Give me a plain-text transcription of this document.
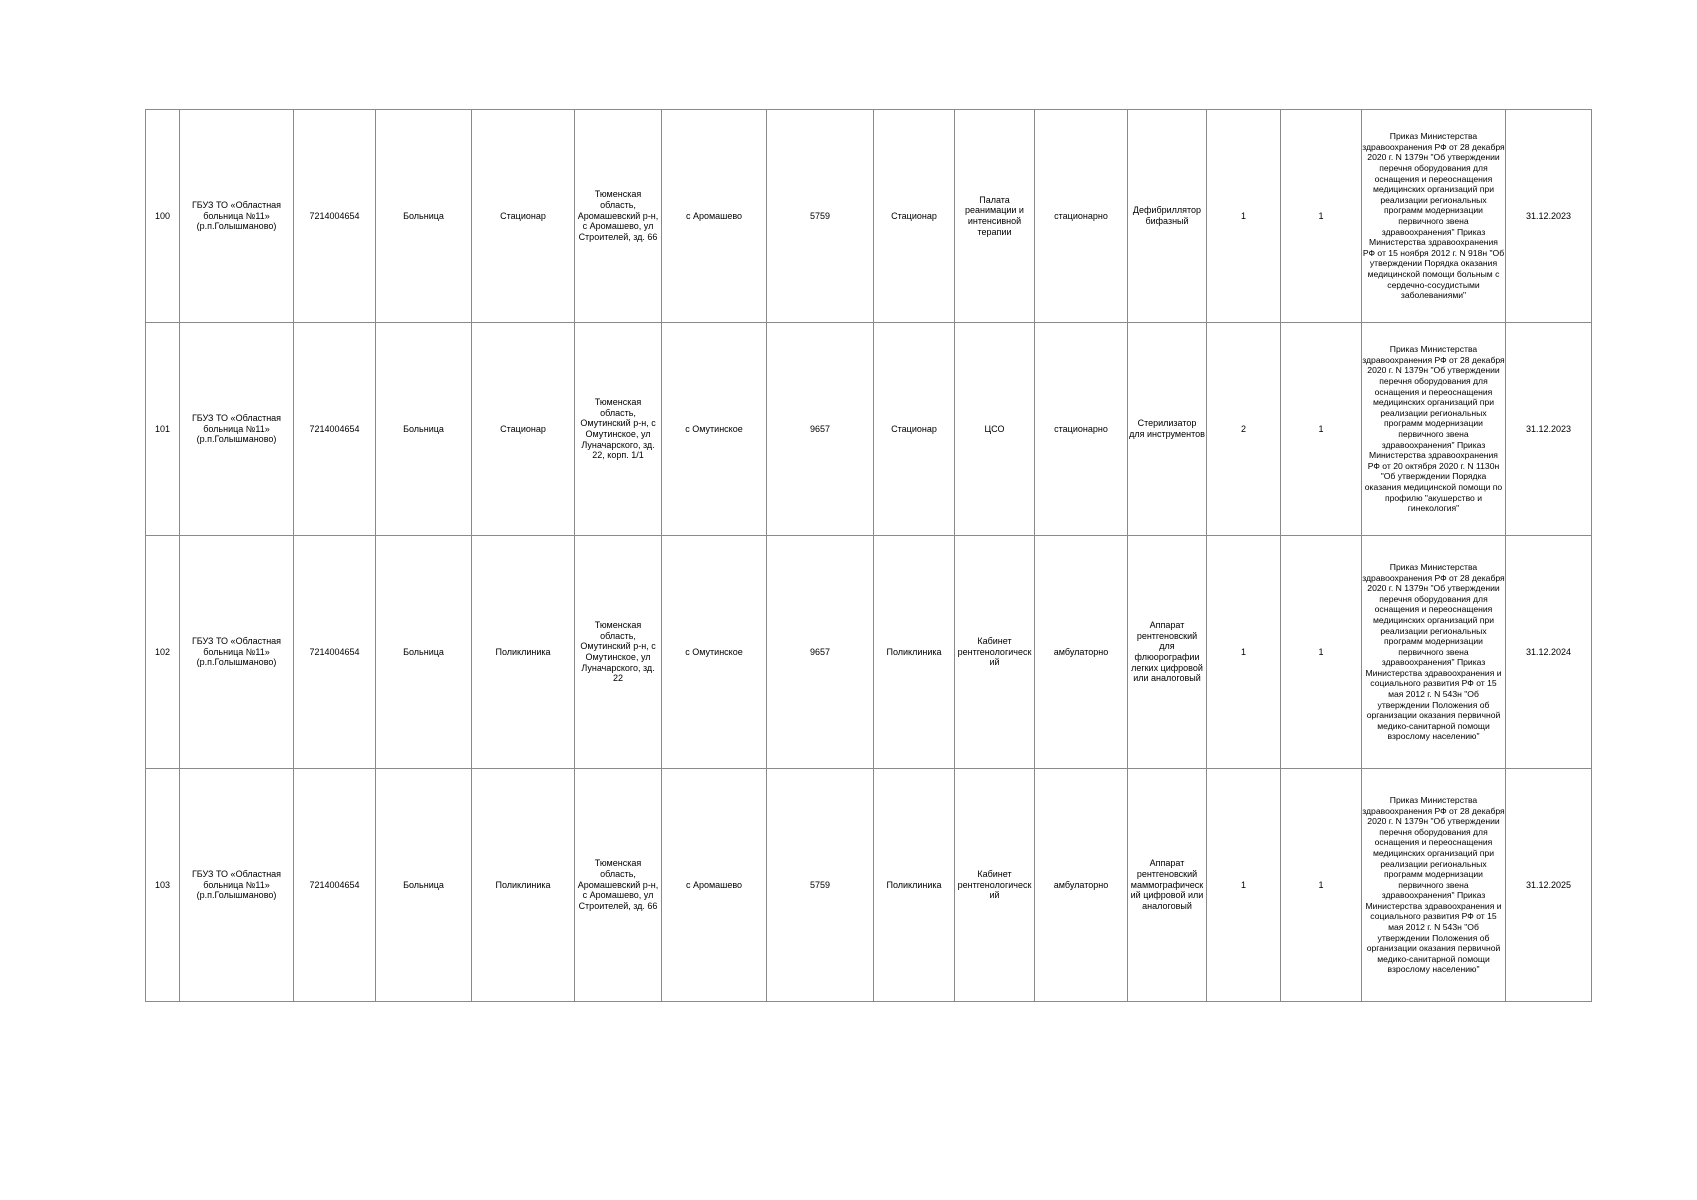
100	ГБУЗ ТО «Областная больница №11» (р.п.Голышманово)	7214004654	Больница	Стационар	Тюменская область, Аромашевский р-н, с Аромашево, ул Строителей, зд. 66	с Аромашево	5759	Стационар	Палата реанимации и интенсивной терапии	стационарно	Дефибриллятор бифазный	1	1	Приказ Министерства здравоохранения РФ от 28 декабря 2020 г. N 1379н "Об утверждении перечня оборудования для оснащения и переоснащения медицинских организаций при реализации региональных программ модернизации первичного звена здравоохранения" Приказ Министерства здравоохранения РФ от 15 ноября 2012 г. N 918н "Об утверждении Порядка оказания медицинской помощи больным с сердечно-сосудистыми заболеваниями"	31.12.2023
101	ГБУЗ ТО «Областная больница №11» (р.п.Голышманово)	7214004654	Больница	Стационар	Тюменская область, Омутинский р-н, с Омутинское, ул Луначарского, зд. 22, корп. 1/1	с Омутинское	9657	Стационар	ЦСО	стационарно	Стерилизатор для инструментов	2	1	Приказ Министерства здравоохранения РФ от 28 декабря 2020 г. N 1379н "Об утверждении перечня оборудования для оснащения и переоснащения медицинских организаций при реализации региональных программ модернизации первичного звена здравоохранения" Приказ Министерства здравоохранения РФ от 20 октября 2020 г. N 1130н "Об утверждении Порядка оказания медицинской помощи по профилю "акушерство и гинекология"	31.12.2023
102	ГБУЗ ТО «Областная больница №11» (р.п.Голышманово)	7214004654	Больница	Поликлиника	Тюменская область, Омутинский р-н, с Омутинское, ул Луначарского, зд. 22	с Омутинское	9657	Поликлиника	Кабинет рентгенологический	амбулаторно	Аппарат рентгеновский для флюорографии легких цифровой или аналоговый	1	1	Приказ Министерства здравоохранения РФ от 28 декабря 2020 г. N 1379н "Об утверждении перечня оборудования для оснащения и переоснащения медицинских организаций при реализации региональных программ модернизации первичного звена здравоохранения" Приказ Министерства здравоохранения и социального развития РФ от 15 мая 2012 г. N 543н "Об утверждении Положения об организации оказания первичной медико-санитарной помощи взрослому населению"	31.12.2024
103	ГБУЗ ТО «Областная больница №11» (р.п.Голышманово)	7214004654	Больница	Поликлиника	Тюменская область, Аромашевский р-н, с Аромашево, ул Строителей, зд. 66	с Аромашево	5759	Поликлиника	Кабинет рентгенологический	амбулаторно	Аппарат рентгеновский маммографический цифровой или аналоговый	1	1	Приказ Министерства здравоохранения РФ от 28 декабря 2020 г. N 1379н "Об утверждении перечня оборудования для оснащения и переоснащения медицинских организаций при реализации региональных программ модернизации первичного звена здравоохранения" Приказ Министерства здравоохранения и социального развития РФ от 15 мая 2012 г. N 543н "Об утверждении Положения об организации оказания первичной медико-санитарной помощи взрослому населению"	31.12.2025
